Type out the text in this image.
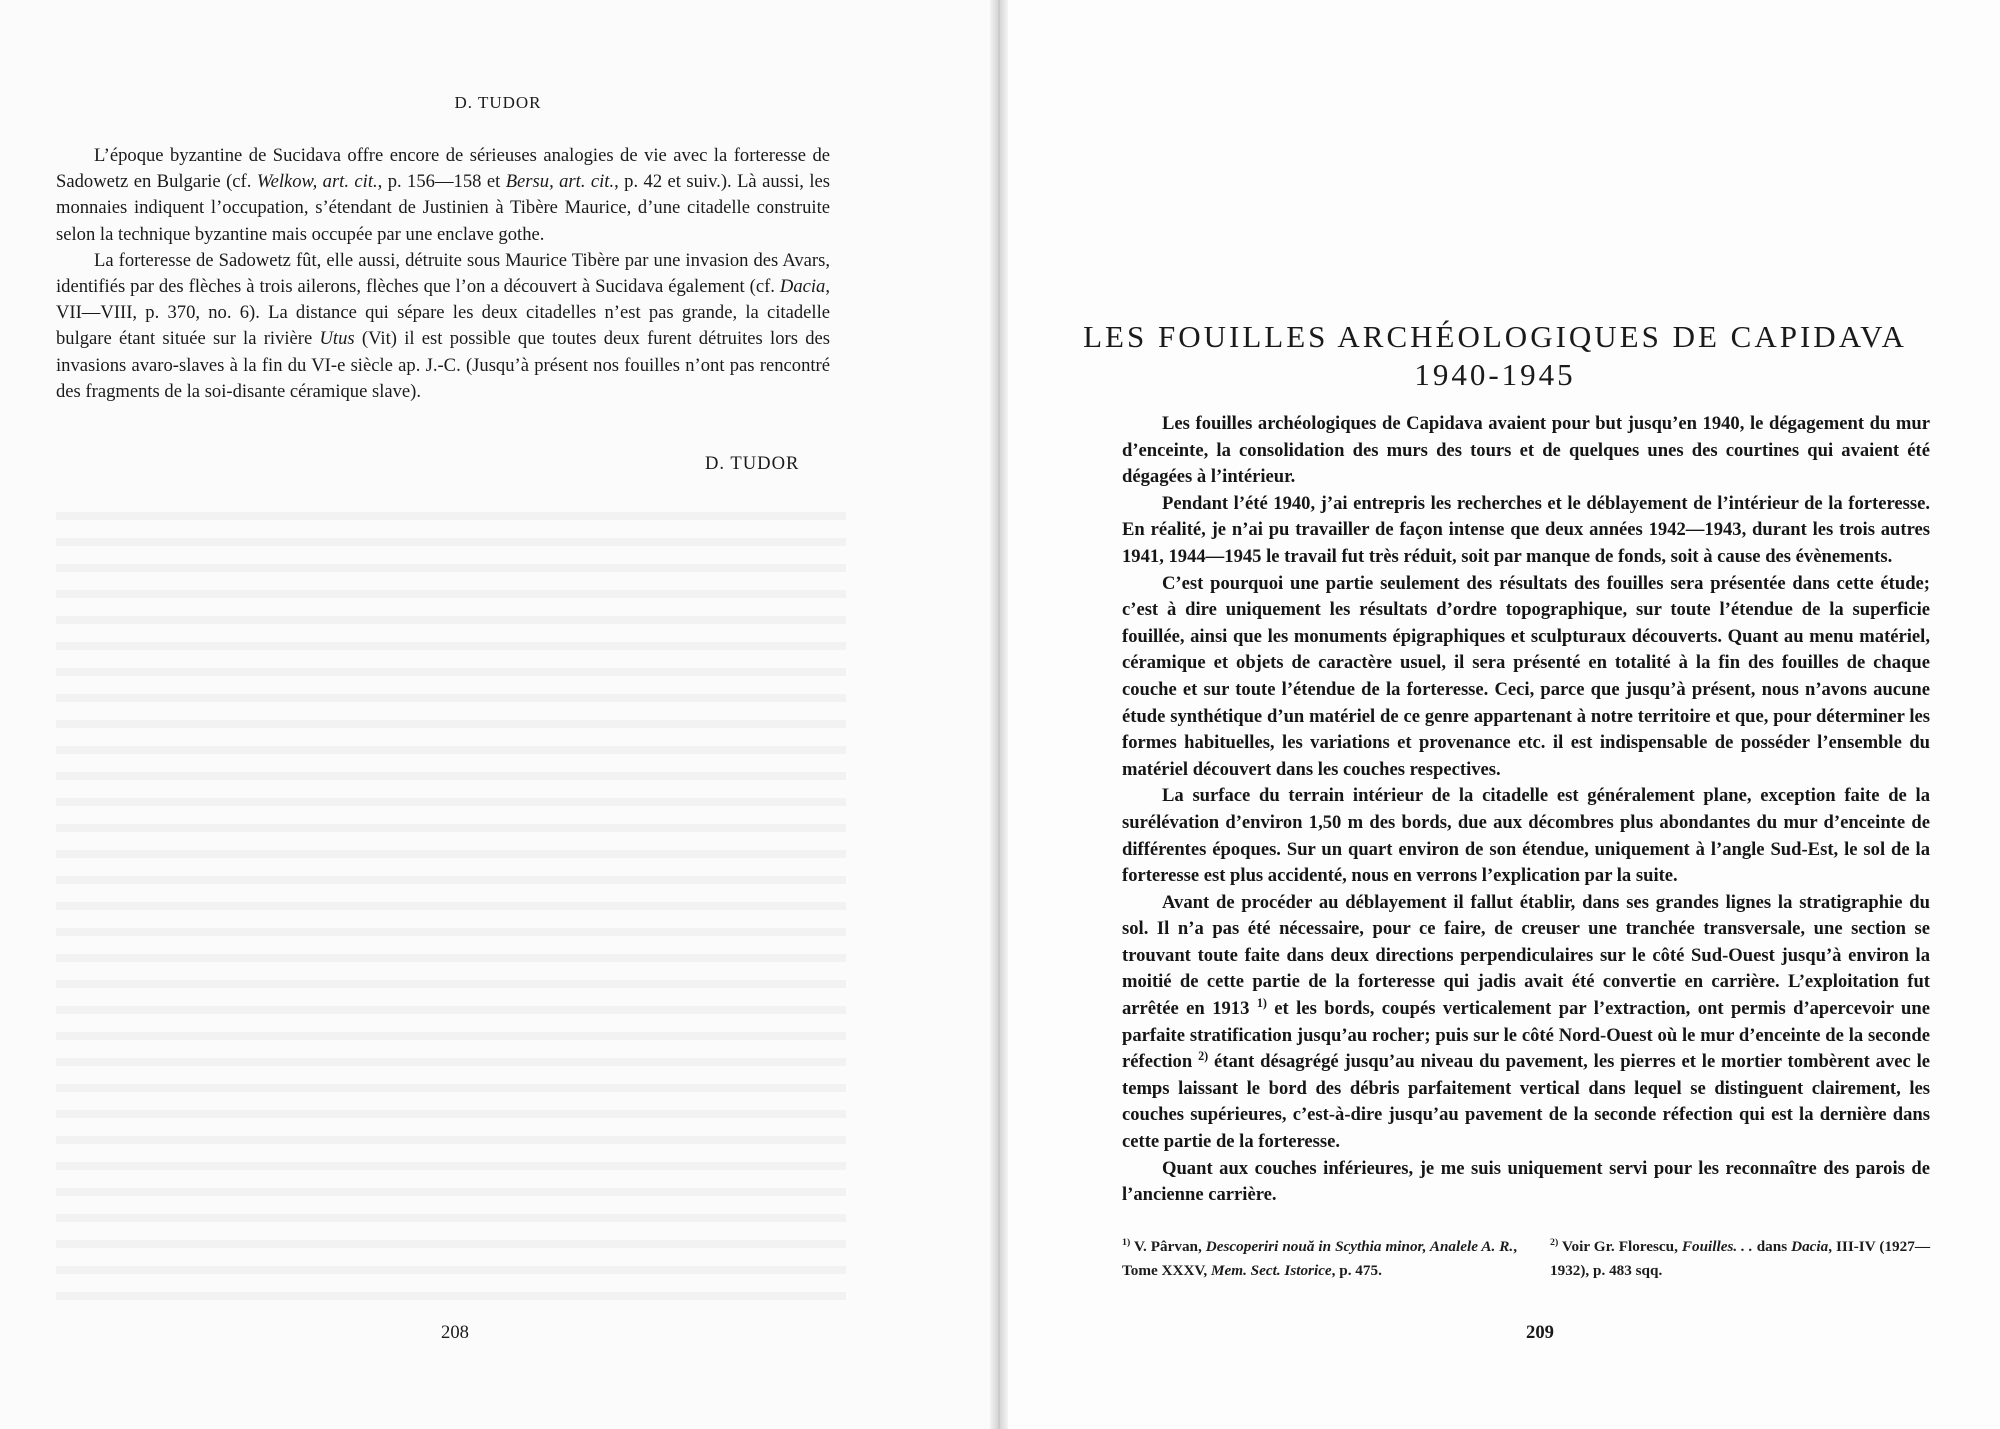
D. TUDOR

L’époque byzantine de Sucidava offre encore de sérieuses analogies de vie avec la forteresse de Sadowetz en Bulgarie (cf. Welkow, art. cit., p. 156—158 et Bersu, art. cit., p. 42 et suiv.). Là aussi, les monnaies indiquent l’occupation, s’étendant de Justinien à Tibère Maurice, d’une citadelle construite selon la technique byzantine mais occupée par une enclave gothe.

La forteresse de Sadowetz fût, elle aussi, détruite sous Maurice Tibère par une invasion des Avars, identifiés par des flèches à trois ailerons, flèches que l’on a découvert à Sucidava également (cf. Dacia, VII—VIII, p. 370, no. 6). La distance qui sépare les deux citadelles n’est pas grande, la citadelle bulgare étant située sur la rivière Utus (Vit) il est possible que toutes deux furent détruites lors des invasions avaro-slaves à la fin du VI-e siècle ap. J.-C. (Jusqu’à présent nos fouilles n’ont pas rencontré des fragments de la soi-disante céramique slave).

D. TUDOR
208
LES FOUILLES ARCHÉOLOGIQUES DE CAPIDAVA
1940-1945

Les fouilles archéologiques de Capidava avaient pour but jusqu’en 1940, le dégagement du mur d’enceinte, la consolidation des murs des tours et de quelques unes des courtines qui avaient été dégagées à l’intérieur.

Pendant l’été 1940, j’ai entrepris les recherches et le déblayement de l’intérieur de la forteresse. En réalité, je n’ai pu travailler de façon intense que deux années 1942—1943, durant les trois autres 1941, 1944—1945 le travail fut très réduit, soit par manque de fonds, soit à cause des évènements.

C’est pourquoi une partie seulement des résultats des fouilles sera présentée dans cette étude; c’est à dire uniquement les résultats d’ordre topographique, sur toute l’étendue de la superficie fouillée, ainsi que les monuments épigraphiques et sculpturaux découverts. Quant au menu matériel, céramique et objets de caractère usuel, il sera présenté en totalité à la fin des fouilles de chaque couche et sur toute l’étendue de la forteresse. Ceci, parce que jusqu’à présent, nous n’avons aucune étude synthétique d’un matériel de ce genre appartenant à notre territoire et que, pour déterminer les formes habituelles, les variations et provenance etc. il est indispensable de posséder l’ensemble du matériel découvert dans les couches respectives.

La surface du terrain intérieur de la citadelle est généralement plane, exception faite de la surélévation d’environ 1,50 m des bords, due aux décombres plus abondantes du mur d’enceinte de différentes époques. Sur un quart environ de son étendue, uniquement à l’angle Sud-Est, le sol de la forteresse est plus accidenté, nous en verrons l’explication par la suite.

Avant de procéder au déblayement il fallut établir, dans ses grandes lignes la stratigraphie du sol. Il n’a pas été nécessaire, pour ce faire, de creuser une tranchée transversale, une section se trouvant toute faite dans deux directions perpendiculaires sur le côté Sud-Ouest jusqu’à environ la moitié de cette partie de la forteresse qui jadis avait été convertie en carrière. L’exploitation fut arrêtée en 1913 $^{1)}$ et les bords, coupés verticalement par l’extraction, ont permis d’apercevoir une parfaite stratification jusqu’au rocher; puis sur le côté Nord-Ouest où le mur d’enceinte de la seconde réfection $^{2)}$ étant désagrégé jusqu’au niveau du pavement, les pierres et le mortier tombèrent avec le temps laissant le bord des débris parfaitement vertical dans lequel se distinguent clairement, les couches supérieures, c’est-à-dire jusqu’au pavement de la seconde réfection qui est la dernière dans cette partie de la forteresse.

Quant aux couches inférieures, je me suis uniquement servi pour les reconnaître des parois de l’ancienne carrière.

$^{1)}$ V. Pârvan, Descoperiri nouă in Scythia minor, Analele A. R., Tome XXXV, Mem. Sect. Istorice, p. 475.
$^{2)}$ Voir Gr. Florescu, Fouilles. . . dans Dacia, III-IV (1927—1932), p. 483 sqq.
209
